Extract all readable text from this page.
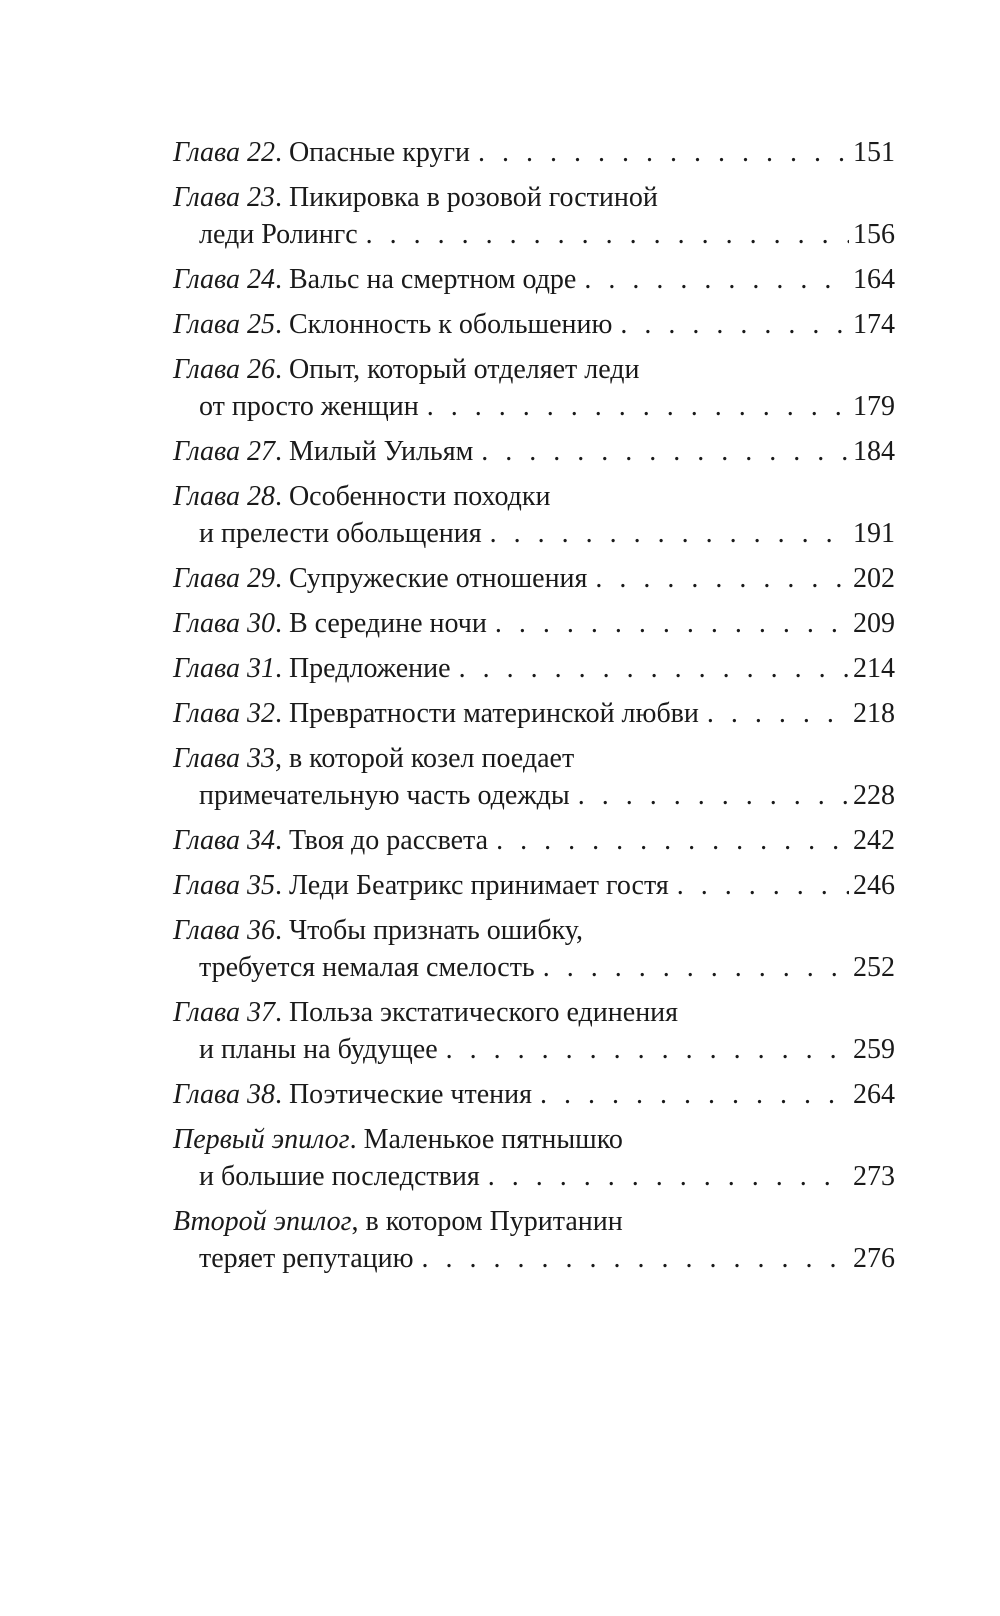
Глава 22 . Опасные круги . . .	151
Глава 23 . Пикировка в розовой гостиной
леди Ролингс . . .	156
Глава 24 . Вальс на смертном одре . . .	164
Глава 25 . Склонность к обольшению . . .	174
Глава 26 . Опыт, который отделяет леди
от просто женщин . . .	179
Глава 27 . Милый Уильям . . .	184
Глава 28 . Особенности походки
и прелести обольщения . . .	191
Глава 29 . Супружеские отношения . . .	202
Глава 30 . В середине ночи . . .	209
Глава 31 . Предложение . . .	214
Глава 32 . Превратности материнской любви . . .	218
Глава 33 , в которой козел поедает
примечательную часть одежды . . .	228
Глава 34 . Твоя до рассвета . . .	242
Глава 35 . Леди Беатрикс принимает гостя . . .	246
Глава 36 . Чтобы признать ошибку,
требуется немалая смелость . . .	252
Глава 37 . Польза экстатического единения
и планы на будущее . . .	259
Глава 38 . Поэтические чтения . . .	264
Первый эпилог . Маленькое пятнышко
и большие последствия . . .	273
Второй эпилог , в котором Пуританин
теряет репутацию . . .	276
